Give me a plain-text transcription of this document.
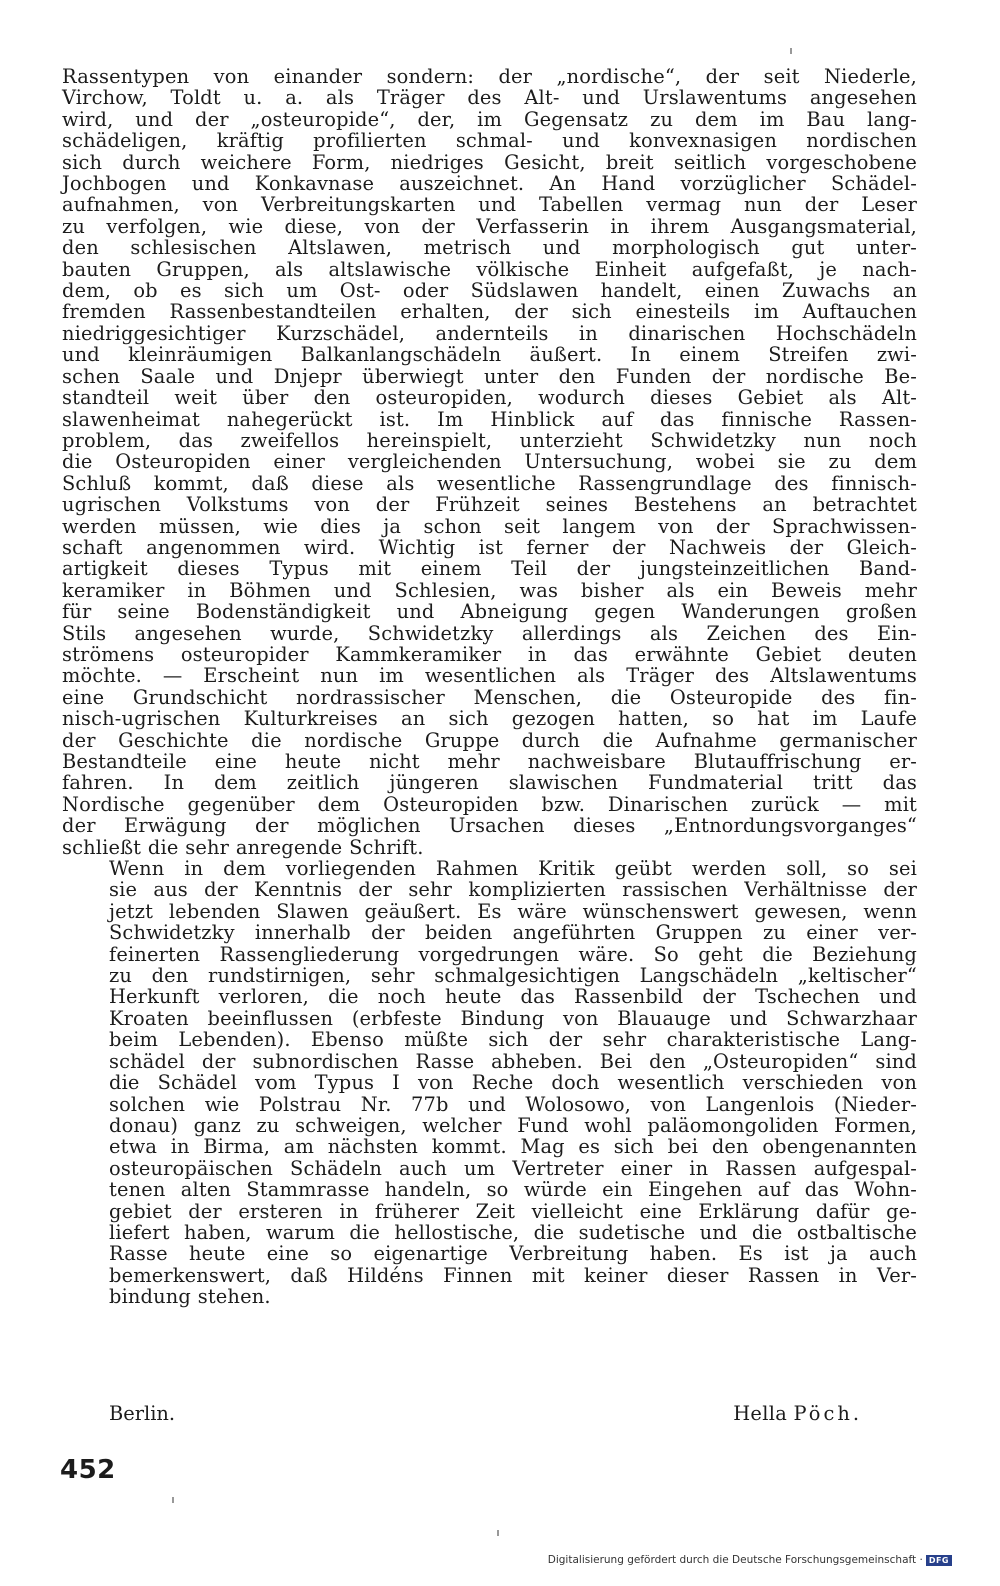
Rassentypen von einander sondern: der „nordische“, der seit Niederle,
Virchow, Toldt u. a. als Träger des Alt- und Urslawentums angesehen
wird, und der „osteuropide“, der, im Gegensatz zu dem im Bau lang-
schädeligen, kräftig profilierten schmal- und konvexnasigen nordischen
sich durch weichere Form, niedriges Gesicht, breit seitlich vorgeschobene
Jochbogen und Konkavnase auszeichnet. An Hand vorzüglicher Schädel-
aufnahmen, von Verbreitungskarten und Tabellen vermag nun der Leser
zu verfolgen, wie diese, von der Verfasserin in ihrem Ausgangsmaterial,
den schlesischen Altslawen, metrisch und morphologisch gut unter-
bauten Gruppen, als altslawische völkische Einheit aufgefaßt, je nach-
dem, ob es sich um Ost- oder Südslawen handelt, einen Zuwachs an
fremden Rassenbestandteilen erhalten, der sich einesteils im Auftauchen
niedriggesichtiger Kurzschädel, andernteils in dinarischen Hochschädeln
und kleinräumigen Balkanlangschädeln äußert. In einem Streifen zwi-
schen Saale und Dnjepr überwiegt unter den Funden der nordische Be-
standteil weit über den osteuropiden, wodurch dieses Gebiet als Alt-
slawenheimat nahegerückt ist. Im Hinblick auf das finnische Rassen-
problem, das zweifellos hereinspielt, unterzieht Schwidetzky nun noch
die Osteuropiden einer vergleichenden Untersuchung, wobei sie zu dem
Schluß kommt, daß diese als wesentliche Rassengrundlage des finnisch-
ugrischen Volkstums von der Frühzeit seines Bestehens an betrachtet
werden müssen, wie dies ja schon seit langem von der Sprachwissen-
schaft angenommen wird. Wichtig ist ferner der Nachweis der Gleich-
artigkeit dieses Typus mit einem Teil der jungsteinzeitlichen Band-
keramiker in Böhmen und Schlesien, was bisher als ein Beweis mehr
für seine Bodenständigkeit und Abneigung gegen Wanderungen großen
Stils angesehen wurde, Schwidetzky allerdings als Zeichen des Ein-
strömens osteuropider Kammkeramiker in das erwähnte Gebiet deuten
möchte. — Erscheint nun im wesentlichen als Träger des Altslawentums
eine Grundschicht nordrassischer Menschen, die Osteuropide des fin-
nisch-ugrischen Kulturkreises an sich gezogen hatten, so hat im Laufe
der Geschichte die nordische Gruppe durch die Aufnahme germanischer
Bestandteile eine heute nicht mehr nachweisbare Blutauffrischung er-
fahren. In dem zeitlich jüngeren slawischen Fundmaterial tritt das
Nordische gegenüber dem Osteuropiden bzw. Dinarischen zurück — mit
der Erwägung der möglichen Ursachen dieses „Entnordungsvorganges“
schließt die sehr anregende Schrift.

Wenn in dem vorliegenden Rahmen Kritik geübt werden soll, so sei
sie aus der Kenntnis der sehr komplizierten rassischen Verhältnisse der
jetzt lebenden Slawen geäußert. Es wäre wünschenswert gewesen, wenn
Schwidetzky innerhalb der beiden angeführten Gruppen zu einer ver-
feinerten Rassengliederung vorgedrungen wäre. So geht die Beziehung
zu den rundstirnigen, sehr schmalgesichtigen Langschädeln „keltischer“
Herkunft verloren, die noch heute das Rassenbild der Tschechen und
Kroaten beeinflussen (erbfeste Bindung von Blauauge und Schwarzhaar
beim Lebenden). Ebenso müßte sich der sehr charakteristische Lang-
schädel der subnordischen Rasse abheben. Bei den „Osteuropiden“ sind
die Schädel vom Typus I von Reche doch wesentlich verschieden von
solchen wie Polstrau Nr. 77b und Wolosowo, von Langenlois (Nieder-
donau) ganz zu schweigen, welcher Fund wohl paläomongoliden Formen,
etwa in Birma, am nächsten kommt. Mag es sich bei den obengenannten
osteuropäischen Schädeln auch um Vertreter einer in Rassen aufgespal-
tenen alten Stammrasse handeln, so würde ein Eingehen auf das Wohn-
gebiet der ersteren in früherer Zeit vielleicht eine Erklärung dafür ge-
liefert haben, warum die hellostische, die sudetische und die ostbaltische
Rasse heute eine so eigenartige Verbreitung haben. Es ist ja auch
bemerkenswert, daß Hildéns Finnen mit keiner dieser Rassen in Ver-
bindung stehen.

Berlin.	Hella Pöch.
452
Digitalisierung gefördert durch die Deutsche Forschungsgemeinschaft · DFG
